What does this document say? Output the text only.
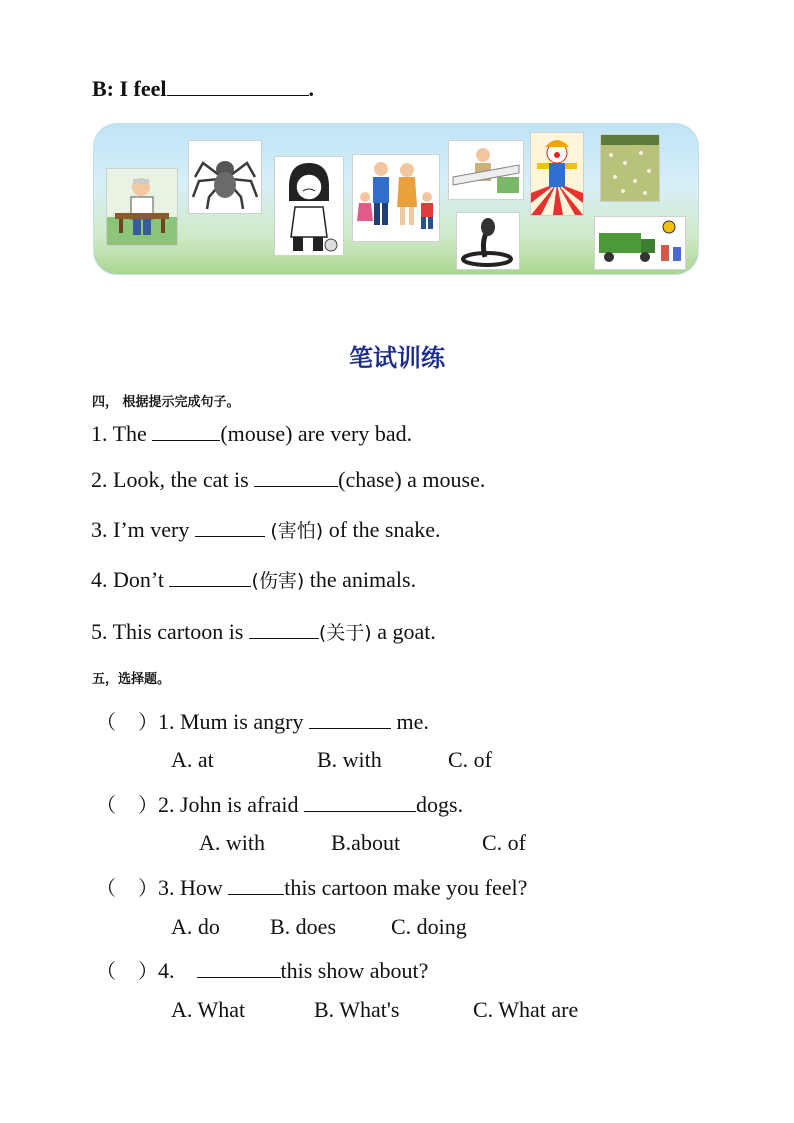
B: I feel	.
笔试训练
四， 根据提示完成句子。
1. The	(mouse) are very bad.
2. Look, the cat is	(chase) a mouse.
3. I’m very	(害怕) of the snake.
4. Don’t	(伤害) the animals.
5. This cartoon is	(关于) a goat.
五，选择题。
（ ）1. Mum is angry	me.
A. at	B. with	C. of
（ ）2. John is afraid	dogs.
A. with	B.about	C. of
（ ）3. How	this cartoon make you feel?
A. do B. does	C. doing
（ ）4.	this show about?
A. What	B. What's	C. What are
